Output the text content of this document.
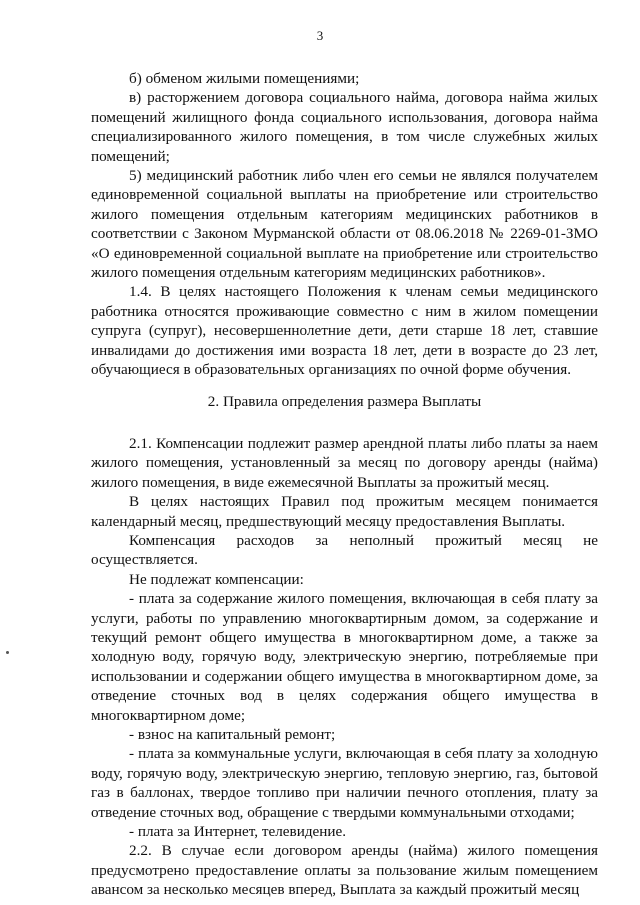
3

б) обменом жилыми помещениями;

в) расторжением договора социального найма, договора найма жилых помещений жилищного фонда социального использования, договора найма специализированного жилого помещения, в том числе служебных жилых помещений;

5) медицинский работник либо член его семьи не являлся получателем единовременной социальной выплаты на приобретение или строительство жилого помещения отдельным категориям медицинских работников в соответствии с Законом Мурманской области от 08.06.2018 № 2269-01-ЗМО «О единовременной социальной выплате на приобретение или строительство жилого помещения отдельным категориям медицинских работников».

1.4. В целях настоящего Положения к членам семьи медицинского работника относятся проживающие совместно с ним в жилом помещении супруга (супруг), несовершеннолетние дети, дети старше 18 лет, ставшие инвалидами до достижения ими возраста 18 лет, дети в возрасте до 23 лет, обучающиеся в образовательных организациях по очной форме обучения.

2. Правила определения размера Выплаты

2.1. Компенсации подлежит размер арендной платы либо платы за наем жилого помещения, установленный за месяц по договору аренды (найма) жилого помещения, в виде ежемесячной Выплаты за прожитый месяц.

В целях настоящих Правил под прожитым месяцем понимается календарный месяц, предшествующий месяцу предоставления Выплаты.

Компенсация расходов за неполный прожитый месяц не

осуществляется.

Не подлежат компенсации:

- плата за содержание жилого помещения, включающая в себя плату за услуги, работы по управлению многоквартирным домом, за содержание и текущий ремонт общего имущества в многоквартирном доме, а также за холодную воду, горячую воду, электрическую энергию, потребляемые при использовании и содержании общего имущества в многоквартирном доме, за отведение сточных вод в целях содержания общего имущества в многоквартирном доме;

- взнос на капитальный ремонт;

- плата за коммунальные услуги, включающая в себя плату за холодную воду, горячую воду, электрическую энергию, тепловую энергию, газ, бытовой газ в баллонах, твердое топливо при наличии печного отопления, плату за отведение сточных вод, обращение с твердыми коммунальными отходами;

- плата за Интернет, телевидение.

2.2. В случае если договором аренды (найма) жилого помещения предусмотрено предоставление оплаты за пользование жилым помещением авансом за несколько месяцев вперед, Выплата за каждый прожитый месяц
